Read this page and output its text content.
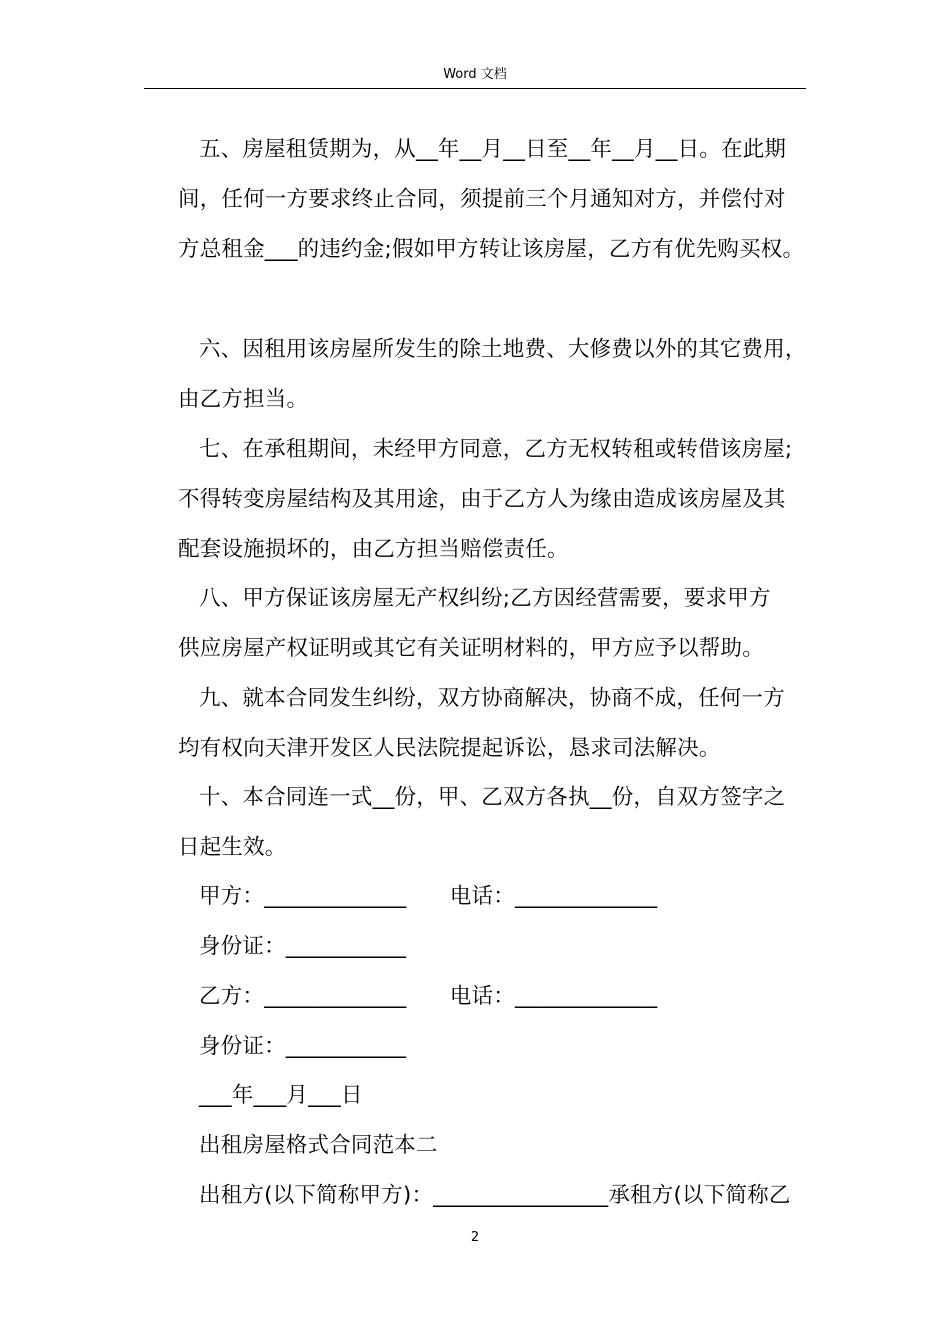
Word 文档
五、房屋租赁期为，从__年__月__日至__年__月__日。在此期
间，任何一方要求终止合同，须提前三个月通知对方，并偿付对
方总租金___的违约金;假如甲方转让该房屋，乙方有优先购买权。
六、因租用该房屋所发生的除土地费、大修费以外的其它费用，
由乙方担当。
七、在承租期间，未经甲方同意，乙方无权转租或转借该房屋;
不得转变房屋结构及其用途，由于乙方人为缘由造成该房屋及其
配套设施损坏的，由乙方担当赔偿责任。
八、甲方保证该房屋无产权纠纷;乙方因经营需要，要求甲方
供应房屋产权证明或其它有关证明材料的，甲方应予以帮助。
九、就本合同发生纠纷，双方协商解决，协商不成，任何一方
均有权向天津开发区人民法院提起诉讼，恳求司法解决。
十、本合同连一式__份，甲、乙双方各执__份，自双方签字之
日起生效。
甲方：_____________　　电话：_____________
身份证：___________
乙方：_____________　　电话：_____________
身份证：___________
___年___月___日
出租房屋格式合同范本二
出租方(以下简称甲方)：________________承租方(以下简称乙
2
